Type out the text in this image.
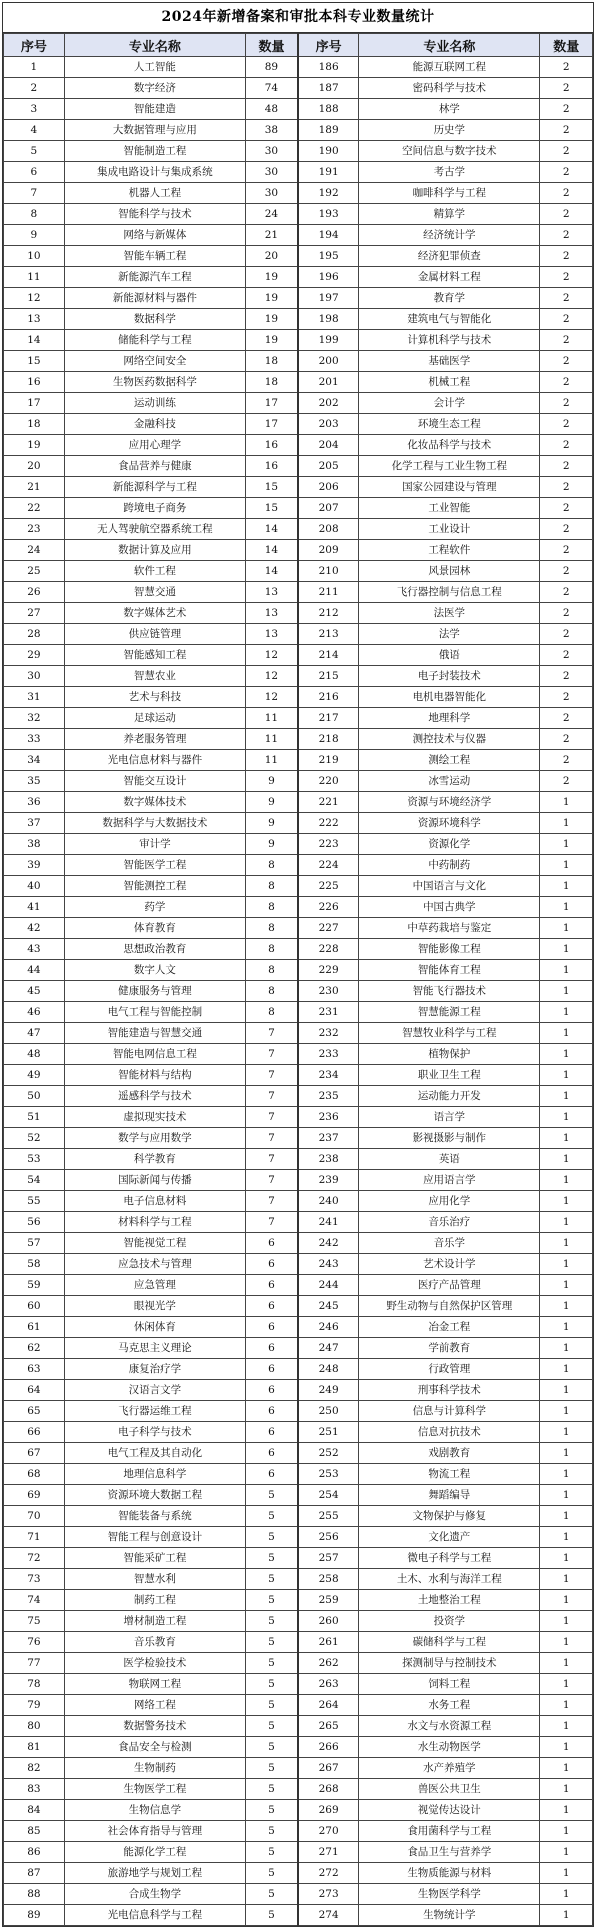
2024年新增备案和审批本科专业数量统计
序号	专业名称	数量	序号	专业名称	数量
1	人工智能	89	186	能源互联网工程	2
2	数字经济	74	187	密码科学与技术	2
3	智能建造	48	188	林学	2
4	大数据管理与应用	38	189	历史学	2
5	智能制造工程	30	190	空间信息与数字技术	2
6	集成电路设计与集成系统	30	191	考古学	2
7	机器人工程	30	192	咖啡科学与工程	2
8	智能科学与技术	24	193	精算学	2
9	网络与新媒体	21	194	经济统计学	2
10	智能车辆工程	20	195	经济犯罪侦查	2
11	新能源汽车工程	19	196	金属材料工程	2
12	新能源材料与器件	19	197	教育学	2
13	数据科学	19	198	建筑电气与智能化	2
14	储能科学与工程	19	199	计算机科学与技术	2
15	网络空间安全	18	200	基础医学	2
16	生物医药数据科学	18	201	机械工程	2
17	运动训练	17	202	会计学	2
18	金融科技	17	203	环境生态工程	2
19	应用心理学	16	204	化妆品科学与技术	2
20	食品营养与健康	16	205	化学工程与工业生物工程	2
21	新能源科学与工程	15	206	国家公园建设与管理	2
22	跨境电子商务	15	207	工业智能	2
23	无人驾驶航空器系统工程	14	208	工业设计	2
24	数据计算及应用	14	209	工程软件	2
25	软件工程	14	210	风景园林	2
26	智慧交通	13	211	飞行器控制与信息工程	2
27	数字媒体艺术	13	212	法医学	2
28	供应链管理	13	213	法学	2
29	智能感知工程	12	214	俄语	2
30	智慧农业	12	215	电子封装技术	2
31	艺术与科技	12	216	电机电器智能化	2
32	足球运动	11	217	地理科学	2
33	养老服务管理	11	218	测控技术与仪器	2
34	光电信息材料与器件	11	219	测绘工程	2
35	智能交互设计	9	220	冰雪运动	2
36	数字媒体技术	9	221	资源与环境经济学	1
37	数据科学与大数据技术	9	222	资源环境科学	1
38	审计学	9	223	资源化学	1
39	智能医学工程	8	224	中药制药	1
40	智能测控工程	8	225	中国语言与文化	1
41	药学	8	226	中国古典学	1
42	体育教育	8	227	中草药栽培与鉴定	1
43	思想政治教育	8	228	智能影像工程	1
44	数字人文	8	229	智能体育工程	1
45	健康服务与管理	8	230	智能飞行器技术	1
46	电气工程与智能控制	8	231	智慧能源工程	1
47	智能建造与智慧交通	7	232	智慧牧业科学与工程	1
48	智能电网信息工程	7	233	植物保护	1
49	智能材料与结构	7	234	职业卫生工程	1
50	遥感科学与技术	7	235	运动能力开发	1
51	虚拟现实技术	7	236	语言学	1
52	数学与应用数学	7	237	影视摄影与制作	1
53	科学教育	7	238	英语	1
54	国际新闻与传播	7	239	应用语言学	1
55	电子信息材料	7	240	应用化学	1
56	材料科学与工程	7	241	音乐治疗	1
57	智能视觉工程	6	242	音乐学	1
58	应急技术与管理	6	243	艺术设计学	1
59	应急管理	6	244	医疗产品管理	1
60	眼视光学	6	245	野生动物与自然保护区管理	1
61	休闲体育	6	246	冶金工程	1
62	马克思主义理论	6	247	学前教育	1
63	康复治疗学	6	248	行政管理	1
64	汉语言文学	6	249	刑事科学技术	1
65	飞行器运维工程	6	250	信息与计算科学	1
66	电子科学与技术	6	251	信息对抗技术	1
67	电气工程及其自动化	6	252	戏剧教育	1
68	地理信息科学	6	253	物流工程	1
69	资源环境大数据工程	5	254	舞蹈编导	1
70	智能装备与系统	5	255	文物保护与修复	1
71	智能工程与创意设计	5	256	文化遗产	1
72	智能采矿工程	5	257	微电子科学与工程	1
73	智慧水利	5	258	土木、水利与海洋工程	1
74	制药工程	5	259	土地整治工程	1
75	增材制造工程	5	260	投资学	1
76	音乐教育	5	261	碳储科学与工程	1
77	医学检验技术	5	262	探测制导与控制技术	1
78	物联网工程	5	263	饲料工程	1
79	网络工程	5	264	水务工程	1
80	数据警务技术	5	265	水文与水资源工程	1
81	食品安全与检测	5	266	水生动物医学	1
82	生物制药	5	267	水产养殖学	1
83	生物医学工程	5	268	兽医公共卫生	1
84	生物信息学	5	269	视觉传达设计	1
85	社会体育指导与管理	5	270	食用菌科学与工程	1
86	能源化学工程	5	271	食品卫生与营养学	1
87	旅游地学与规划工程	5	272	生物质能源与材料	1
88	合成生物学	5	273	生物医学科学	1
89	光电信息科学与工程	5	274	生物统计学	1
